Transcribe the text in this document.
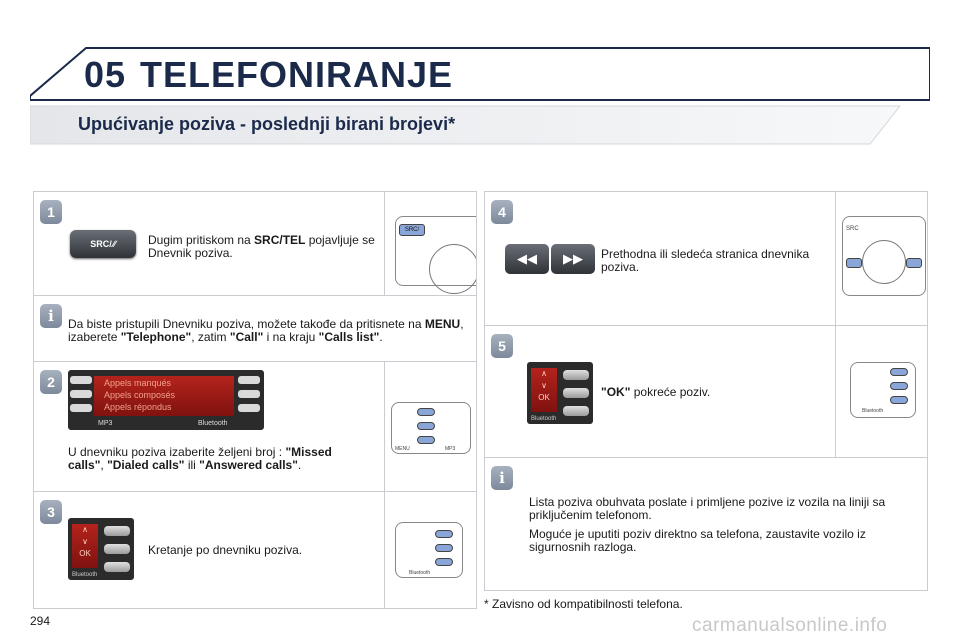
05 TELEFONIRANJE
Upućivanje poziva - poslednji birani brojevi*
1
SRC/ ∕∕	Dugim pritiskom na SRC/TEL pojavljuje se Dnevnik poziva.
SRC/
i	Da biste pristupili Dnevniku poziva, možete takođe da pritisnete na MENU, izaberete "Telephone", zatim "Call" i na kraju "Calls list".
2	Appels manqués
Appels composés
Appels répondus
MP3	Bluetooth
U dnevniku poziva izaberite željeni broj : "Missed calls", "Dialed calls" ili "Answered calls".
MENU	MP3
3
∧
∨
OK
Bluetooth
Kretanje po dnevniku poziva.
Bluetooth
4
◀◀	▶▶	Prethodna ili sledeća stranica dnevnika poziva.
SRC
5
∧
∨
OK
Bluetooth
"OK" pokreće poziv.
Bluetooth
i
Lista poziva obuhvata poslate i primljene pozive iz vozila na liniji sa priključenim telefonom.
Moguće je uputiti poziv direktno sa telefona, zaustavite vozilo iz sigurnosnih razloga.
* Zavisno od kompatibilnosti telefona.
294	carmanualsonline.info
